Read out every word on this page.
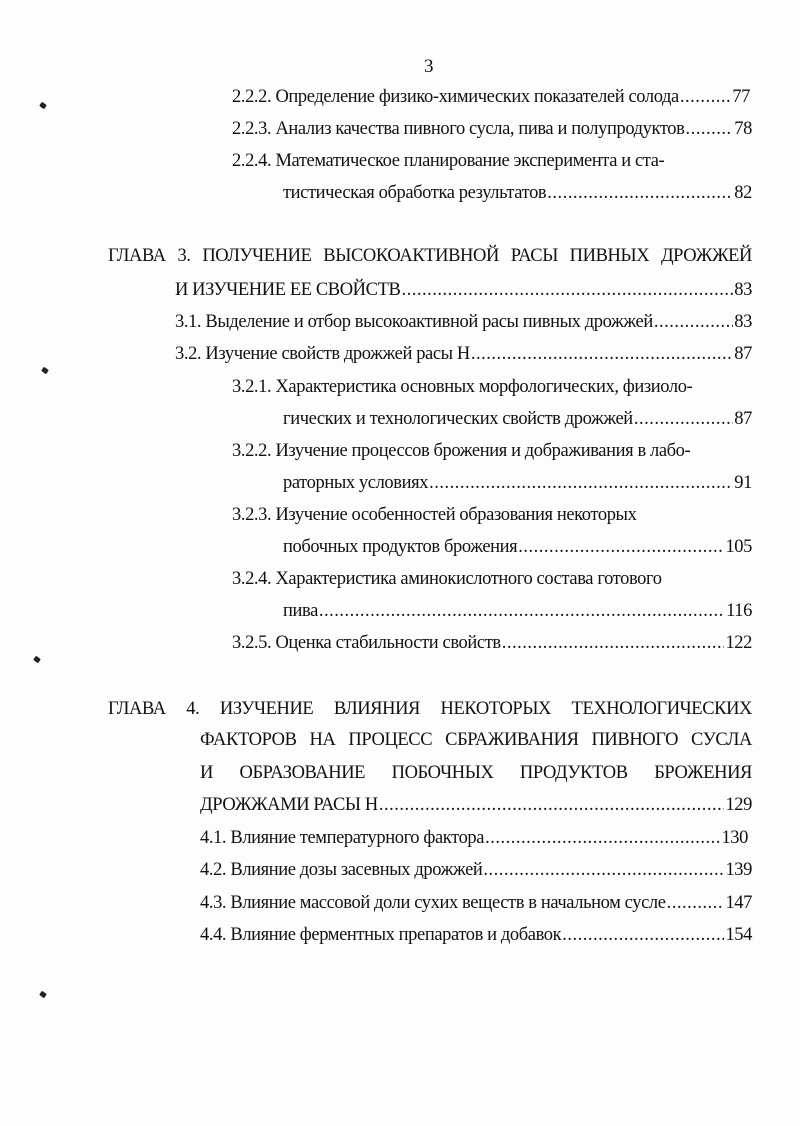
3
2.2.2. Определение физико-химических показателей солода .....	77
2.2.3. Анализ качества пивного сусла, пива и полупродуктов .....	78
2.2.4. Математическое планирование эксперимента и ста-
тистическая обработка результатов .....	82
ГЛАВА 3. ПОЛУЧЕНИЕ ВЫСОКОАКТИВНОЙ РАСЫ ПИВНЫХ ДРОЖЖЕЙ
И ИЗУЧЕНИЕ ЕЕ СВОЙСТВ .....	83
3.1. Выделение и отбор высокоактивной расы пивных дрожжей .....	83
3.2. Изучение свойств дрожжей расы Н .....	87
3.2.1. Характеристика основных морфологических, физиоло-
гических и технологических свойств дрожжей .....	87
3.2.2. Изучение процессов брожения и дображивания в лабо-
раторных условиях .....	91
3.2.3. Изучение особенностей образования некоторых
побочных продуктов брожения .....	105
3.2.4. Характеристика аминокислотного состава готового
пива .....	116
3.2.5. Оценка стабильности свойств .....	122
ГЛАВА 4. ИЗУЧЕНИЕ ВЛИЯНИЯ НЕКОТОРЫХ ТЕХНОЛОГИЧЕСКИХ
ФАКТОРОВ НА ПРОЦЕСС СБРАЖИВАНИЯ ПИВНОГО СУСЛА
И ОБРАЗОВАНИЕ ПОБОЧНЫХ ПРОДУКТОВ БРОЖЕНИЯ
ДРОЖЖАМИ РАСЫ Н .....	129
4.1. Влияние температурного фактора .....	130
4.2. Влияние дозы засевных дрожжей .....	139
4.3. Влияние массовой доли сухих веществ в начальном сусле .....	147
4.4. Влияние ферментных препаратов и добавок .....	154
